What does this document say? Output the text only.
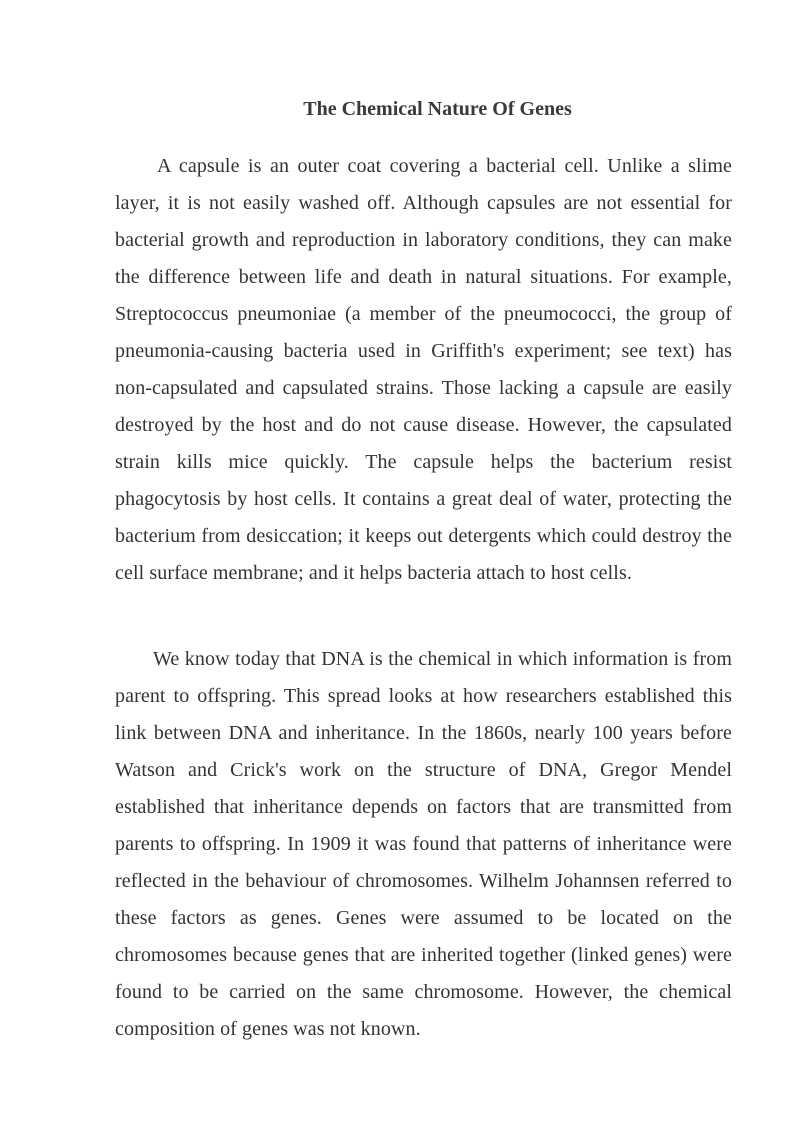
The Chemical Nature Of Genes

A capsule is an outer coat covering a bacterial cell. Unlike a slime layer, it is not easily washed off. Although capsules are not essential for bacterial growth and reproduction in laboratory conditions, they can make the difference between life and death in natural situations. For example, Streptococcus pneumoniae (a member of the pneumococci, the group of pneumonia-causing bacteria used in Griffith's experiment; see text) has non-capsulated and capsulated strains. Those lacking a capsule are easily destroyed by the host and do not cause disease. However, the capsulated strain kills mice quickly. The capsule helps the bacterium resist phagocytosis by host cells. It contains a great deal of water, protecting the bacterium from desiccation; it keeps out detergents which could destroy the cell surface membrane; and it helps bacteria attach to host cells.

We know today that DNA is the chemical in which information is from parent to offspring. This spread looks at how researchers established this link between DNA and inheritance. In the 1860s, nearly 100 years before Watson and Crick's work on the structure of DNA, Gregor Mendel established that inheritance depends on factors that are transmitted from parents to offspring. In 1909 it was found that patterns of inheritance were reflected in the behaviour of chromosomes. Wilhelm Johannsen referred to these factors as genes. Genes were assumed to be located on the chromosomes because genes that are inherited together (linked genes) were found to be carried on the same chromosome. However, the chemical composition of genes was not known.
